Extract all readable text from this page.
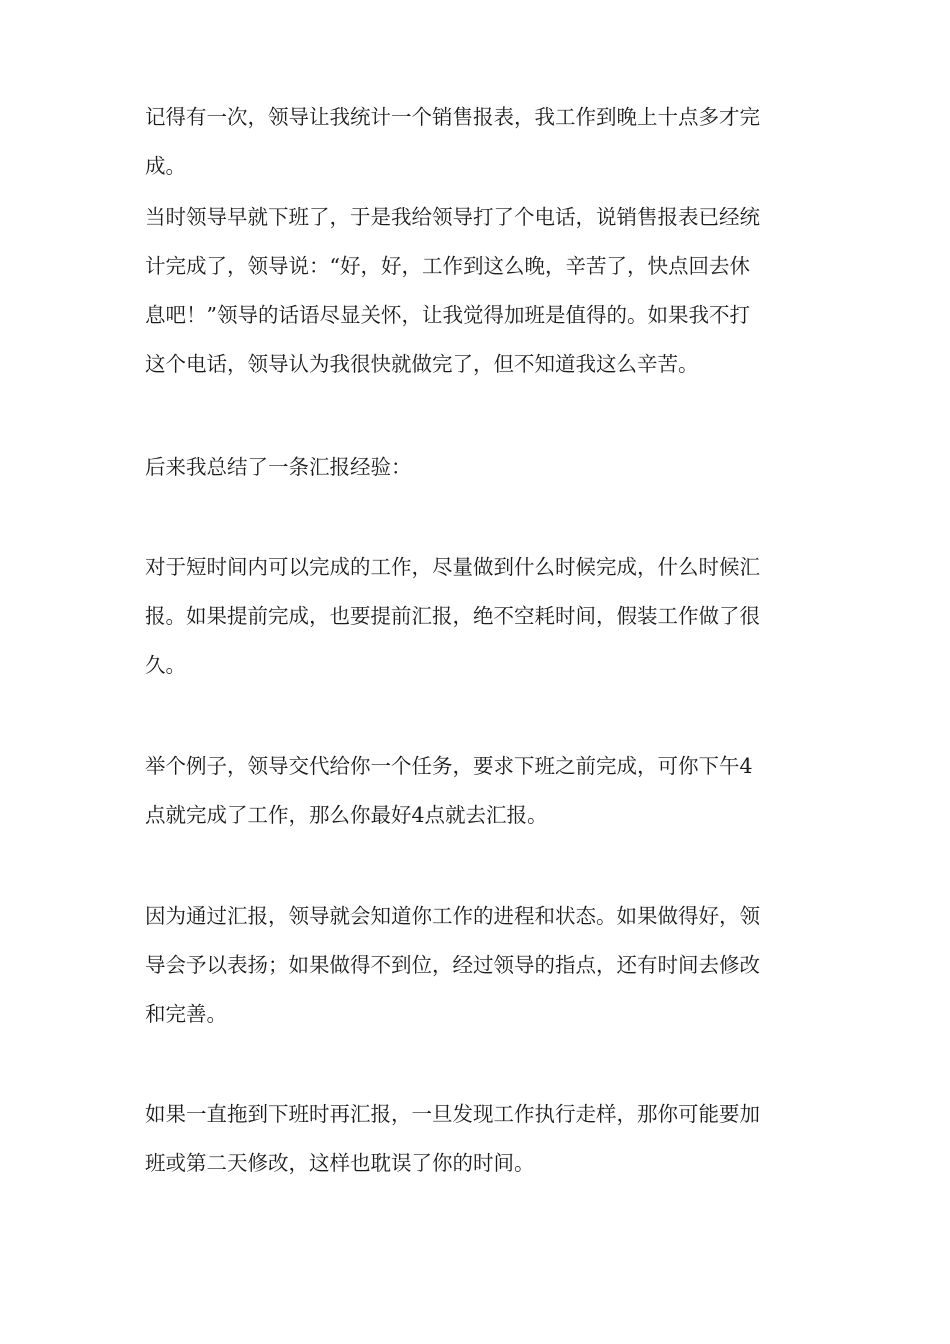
记得有一次，领导让我统计一个销售报表，我工作到晚上十点多才完
成。
当时领导早就下班了，于是我给领导打了个电话，说销售报表已经统
计完成了，领导说：“好，好，工作到这么晚，辛苦了，快点回去休
息吧！”领导的话语尽显关怀，让我觉得加班是值得的。如果我不打
这个电话，领导认为我很快就做完了，但不知道我这么辛苦。
后来我总结了一条汇报经验：
对于短时间内可以完成的工作，尽量做到什么时候完成，什么时候汇
报。如果提前完成，也要提前汇报，绝不空耗时间，假装工作做了很
久。
举个例子，领导交代给你一个任务，要求下班之前完成，可你下午4
点就完成了工作，那么你最好4点就去汇报。
因为通过汇报，领导就会知道你工作的进程和状态。如果做得好，领
导会予以表扬；如果做得不到位，经过领导的指点，还有时间去修改
和完善。
如果一直拖到下班时再汇报，一旦发现工作执行走样，那你可能要加
班或第二天修改，这样也耽误了你的时间。
